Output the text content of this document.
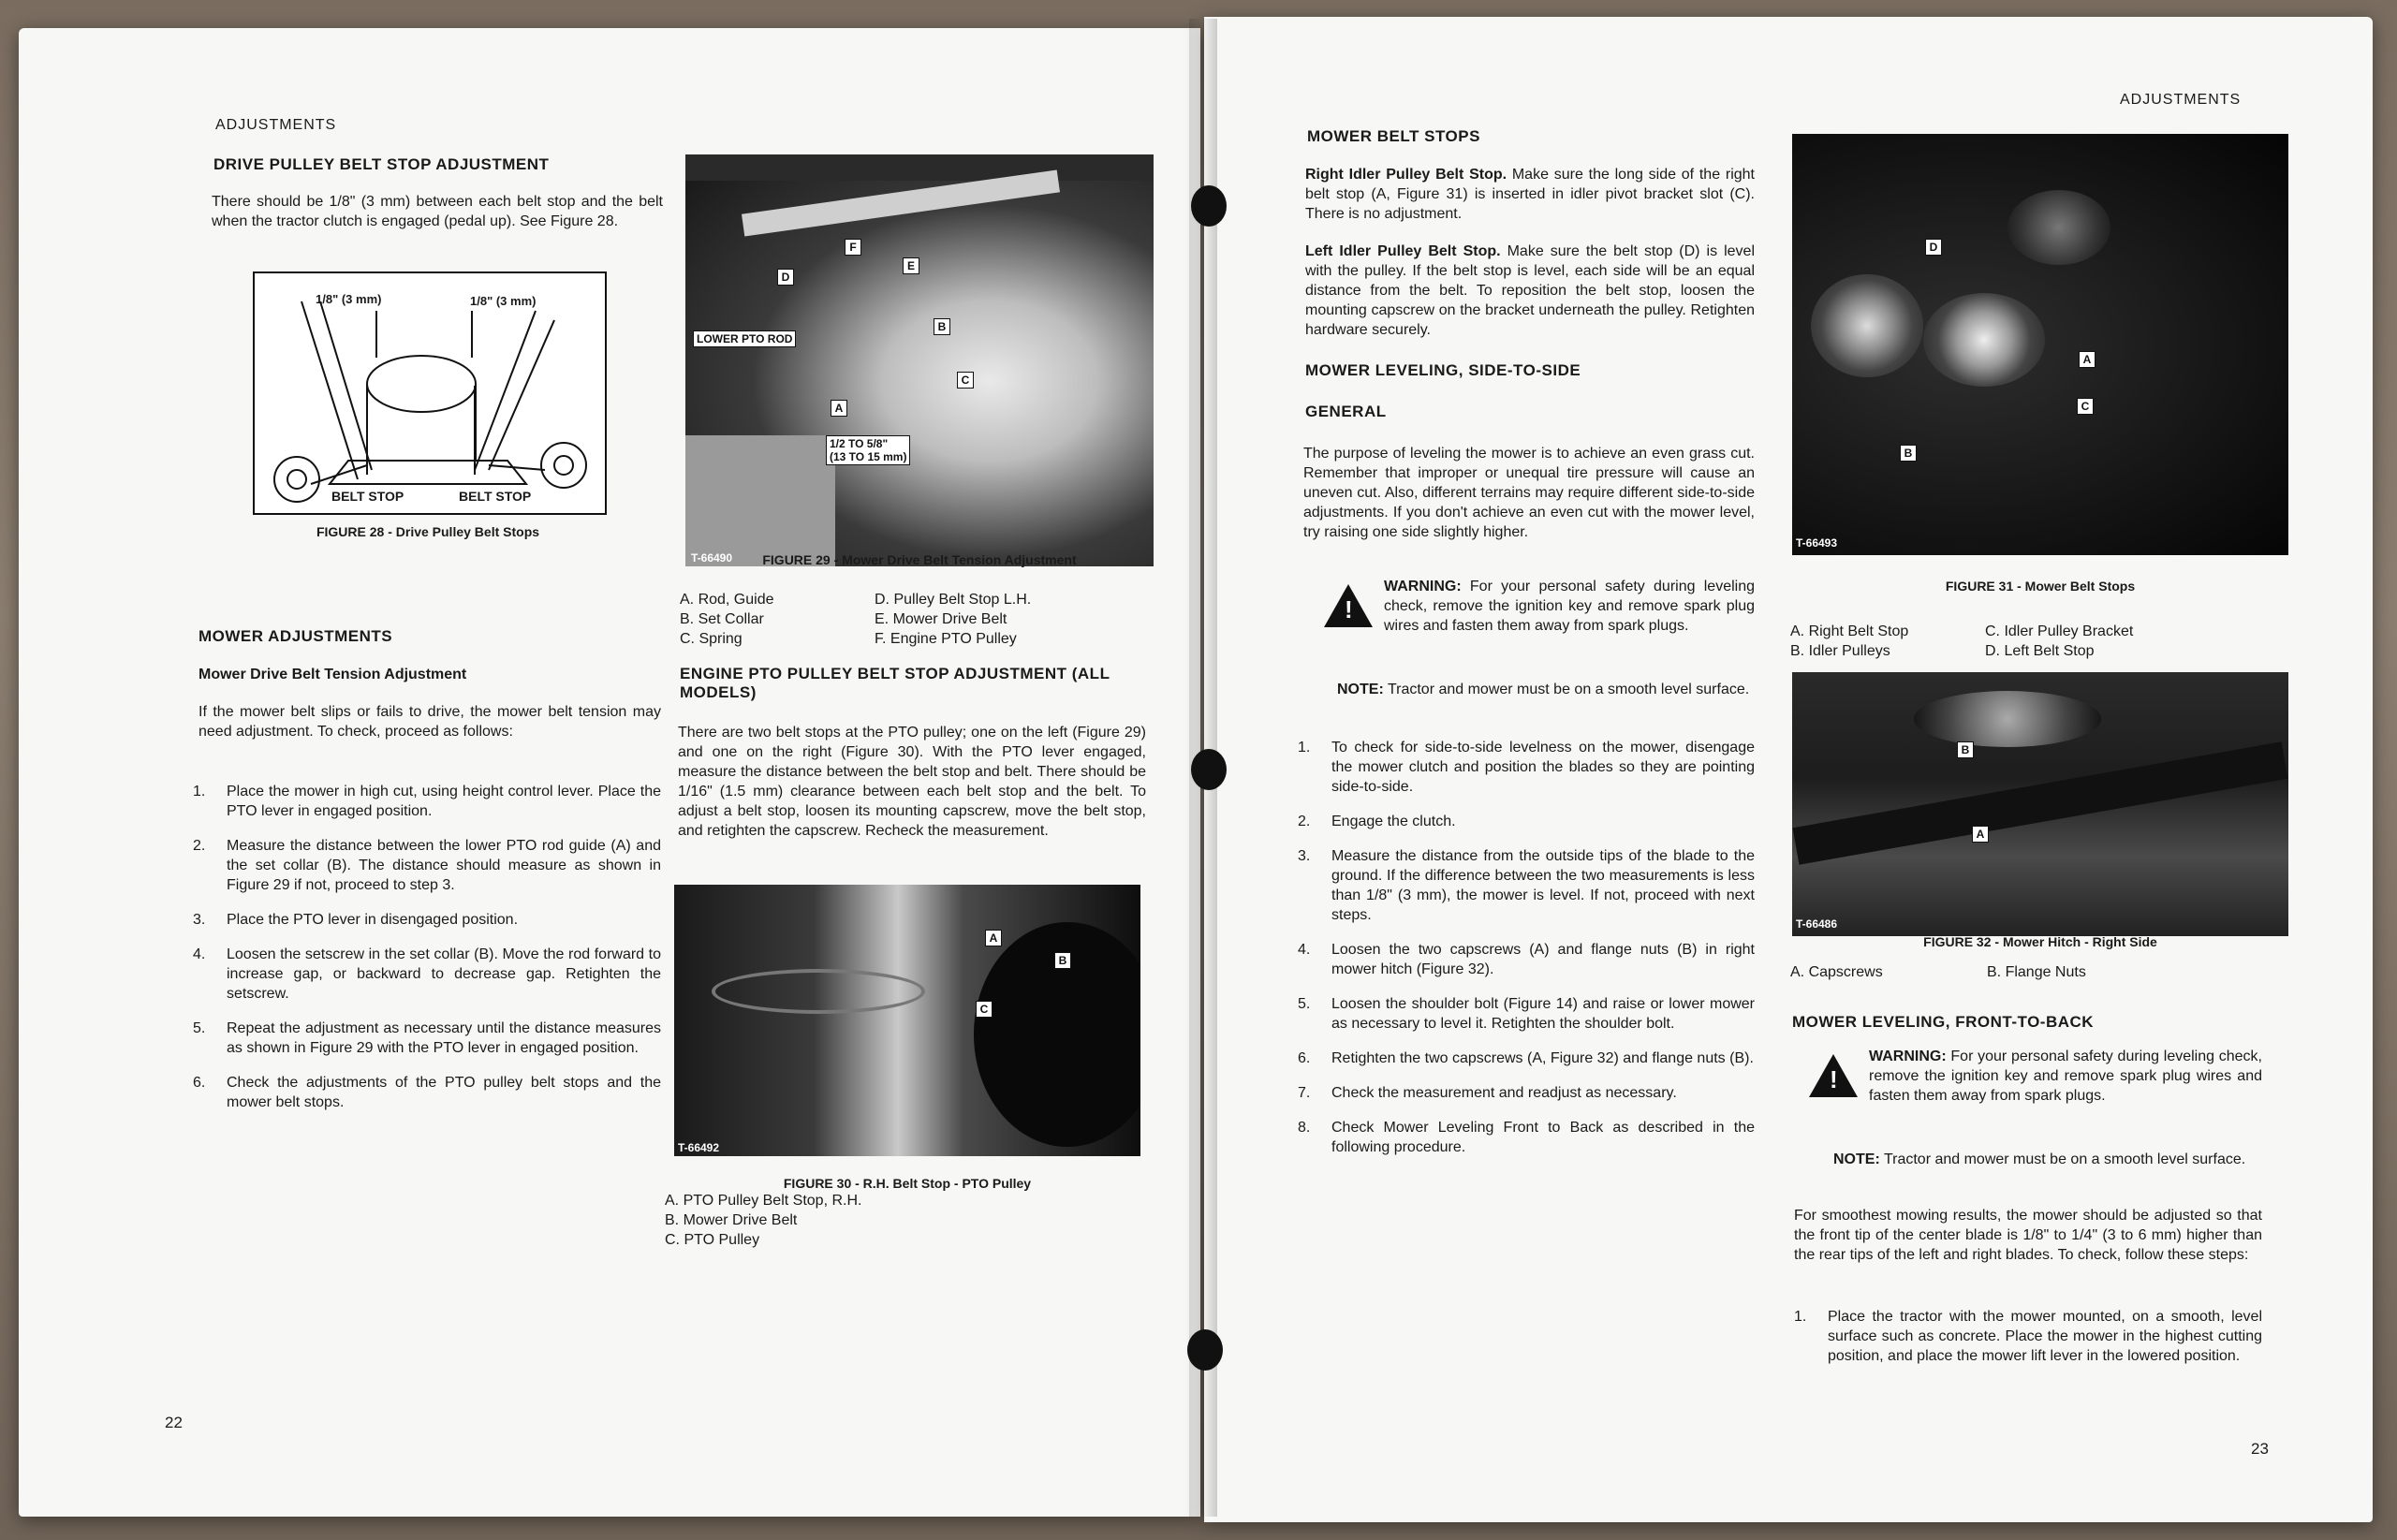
ADJUSTMENTS
DRIVE PULLEY BELT STOP ADJUSTMENT
There should be 1/8" (3 mm) between each belt stop and the belt when the tractor clutch is engaged (pedal up). See Figure 28.
1/8" (3 mm)	1/8" (3 mm)
BELT STOP	BELT STOP
FIGURE 28 - Drive Pulley Belt Stops
MOWER ADJUSTMENTS
Mower Drive Belt Tension Adjustment
If the mower belt slips or fails to drive, the mower belt tension may need adjustment. To check, proceed as follows:
1.	Place the mower in high cut, using height control lever. Place the PTO lever in engaged position.
2.	Measure the distance between the lower PTO rod guide (A) and the set collar (B). The distance should measure as shown in Figure 29 if not, proceed to step 3.
3.	Place the PTO lever in disengaged position.
4.	Loosen the setscrew in the set collar (B). Move the rod forward to increase gap, or backward to decrease gap. Retighten the setscrew.
5.	Repeat the adjustment as necessary until the distance measures as shown in Figure 29 with the PTO lever in engaged position.
6.	Check the adjustments of the PTO pulley belt stops and the mower belt stops.
LOWER PTO ROD
1/2 TO 5/8"
(13 TO 15 mm)
A
B
C
D
E
F
T-66490	FIGURE 29 - Mower Drive Belt Tension Adjustment
A. Rod, Guide	D. Pulley Belt Stop L.H.
B. Set Collar	E. Mower Drive Belt
C. Spring	F. Engine PTO Pulley
ENGINE PTO PULLEY BELT STOP ADJUSTMENT (ALL MODELS)
There are two belt stops at the PTO pulley; one on the left (Figure 29) and one on the right (Figure 30). With the PTO lever engaged, measure the distance between the belt stop and belt. There should be 1/16" (1.5 mm) clearance between each belt stop and the belt. To adjust a belt stop, loosen its mounting capscrew, move the belt stop, and retighten the capscrew. Recheck the measurement.
A
B
C
T-66492
FIGURE 30 - R.H. Belt Stop - PTO Pulley
A. PTO Pulley Belt Stop, R.H.
B. Mower Drive Belt
C. PTO Pulley
22
ADJUSTMENTS
MOWER BELT STOPS
Right Idler Pulley Belt Stop. Make sure the long side of the right belt stop (A, Figure 31) is inserted in idler pivot bracket slot (C). There is no adjustment.
Left Idler Pulley Belt Stop. Make sure the belt stop (D) is level with the pulley. If the belt stop is level, each side will be an equal distance from the belt. To reposition the belt stop, loosen the mounting capscrew on the bracket underneath the pulley. Retighten hardware securely.
MOWER LEVELING, SIDE-TO-SIDE
GENERAL
The purpose of leveling the mower is to achieve an even grass cut. Remember that improper or unequal tire pressure will cause an uneven cut. Also, different terrains may require different side-to-side adjustments. If you don't achieve an even cut with the mower level, try raising one side slightly higher.
!
WARNING: For your personal safety during leveling check, remove the ignition key and remove spark plug wires and fasten them away from spark plugs.
NOTE: Tractor and mower must be on a smooth level surface.
1.	To check for side-to-side levelness on the mower, disengage the mower clutch and position the blades so they are pointing side-to-side.
2.	Engage the clutch.
3.	Measure the distance from the outside tips of the blade to the ground. If the difference between the two measurements is less than 1/8" (3 mm), the mower is level. If not, proceed with next steps.
4.	Loosen the two capscrews (A) and flange nuts (B) in right mower hitch (Figure 32).
5.	Loosen the shoulder bolt (Figure 14) and raise or lower mower as necessary to level it. Retighten the shoulder bolt.
6.	Retighten the two capscrews (A, Figure 32) and flange nuts (B).
7.	Check the measurement and readjust as necessary.
8.	Check Mower Leveling Front to Back as described in the following procedure.
D
A
C
B
T-66493
FIGURE 31 - Mower Belt Stops
A. Right Belt Stop	C. Idler Pulley Bracket
B. Idler Pulleys	D. Left Belt Stop
B
A
T-66486
FIGURE 32 - Mower Hitch - Right Side
A. Capscrews	B. Flange Nuts
MOWER LEVELING, FRONT-TO-BACK
!
WARNING: For your personal safety during leveling check, remove the ignition key and remove spark plug wires and fasten them away from spark plugs.
NOTE: Tractor and mower must be on a smooth level surface.
For smoothest mowing results, the mower should be adjusted so that the front tip of the center blade is 1/8" to 1/4" (3 to 6 mm) higher than the rear tips of the left and right blades. To check, follow these steps:
1.	Place the tractor with the mower mounted, on a smooth, level surface such as concrete. Place the mower in the highest cutting position, and place the mower lift lever in the lowered position.
23
